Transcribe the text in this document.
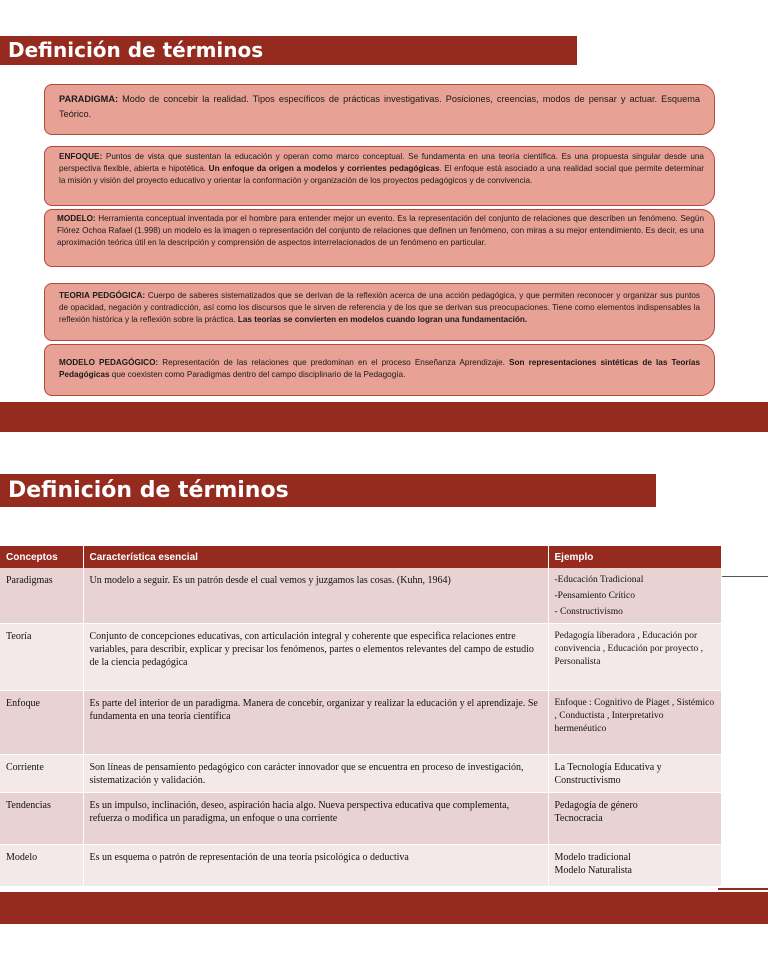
Definición de términos
PARADIGMA: Modo de concebir la realidad. Tipos específicos de prácticas investigativas. Posiciones, creencias, modos de pensar y actuar. Esquema Teórico.
ENFOQUE: Puntos de vista que sustentan la educación y operan como marco conceptual. Se fundamenta en una teoría científica. Es una propuesta singular desde una perspectiva flexible, abierta e hipotética. Un enfoque da origen a modelos y corrientes pedagógicas. El enfoque está asociado a una realidad social que permite determinar la misión y visión del proyecto educativo y orientar la conformación y organización de los proyectos pedagógicos y de convivencia.
MODELO: Herramienta conceptual inventada por el hombre para entender mejor un evento. Es la representación del conjunto de relaciones que describen un fenómeno. Según Flórez Ochoa Rafael (1.998) un modelo es la imagen o representación del conjunto de relaciones que definen un fenómeno, con miras a su mejor entendimiento. Es decir, es una aproximación teórica útil en la descripción y comprensión de aspectos interrelacionados de un fenómeno en particular.
TEORIA PEDGÓGICA: Cuerpo de saberes sistematizados que se derivan de la reflexión acerca de una acción pedagógica, y que permiten reconocer y organizar sus puntos de opacidad, negación y contradicción, así como los discursos que le sirven de referencia y de los que se derivan sus preocupaciones. Tiene como elementos indispensables la reflexión histórica y la reflexión sobre la práctica. Las teorías se convierten en modelos cuando logran una fundamentación.
MODELO PEDAGÓGICO: Representación de las relaciones que predominan en el proceso Enseñanza Aprendizaje. Son representaciones sintéticas de las Teorías Pedagógicas que coexisten como Paradigmas dentro del campo disciplinario de la Pedagogía.
Definición de términos
Conceptos	Característica esencial	Ejemplo
Paradigmas	Un modelo a seguir. Es un patrón desde el cual vemos y juzgamos las cosas. (Kuhn, 1964)	-Educación Tradicional
-Pensamiento Crítico
- Constructivismo

Teoría	Conjunto de concepciones educativas, con articulación integral y coherente que especifica relaciones entre variables, para describir, explicar y precisar los fenómenos, partes o elementos relevantes del campo de estudio de la ciencia pedagógica	Pedagogía liberadora , Educación por convivencia , Educación por proyecto , Personalista

Enfoque	Es parte del interior de un paradigma. Manera de concebir, organizar y realizar la educación y el aprendizaje. Se fundamenta en una teoría científica	Enfoque : Cognitivo de Piaget , Sistémico , Conductista , Interpretativo hermenéutico

Corriente	Son líneas de pensamiento pedagógico con carácter innovador que se encuentra en proceso de investigación, sistematización y validación.	La Tecnología Educativa y Constructivismo

Tendencias	Es un impulso, inclinación, deseo, aspiración hacia algo. Nueva perspectiva educativa que complementa, refuerza o modifica un paradigma, un enfoque o una corriente	Pedagogía de género
Tecnocracia

Modelo	Es un esquema o patrón de representación de una teoría psicológica o deductiva	Modelo tradicional
Modelo Naturalista
